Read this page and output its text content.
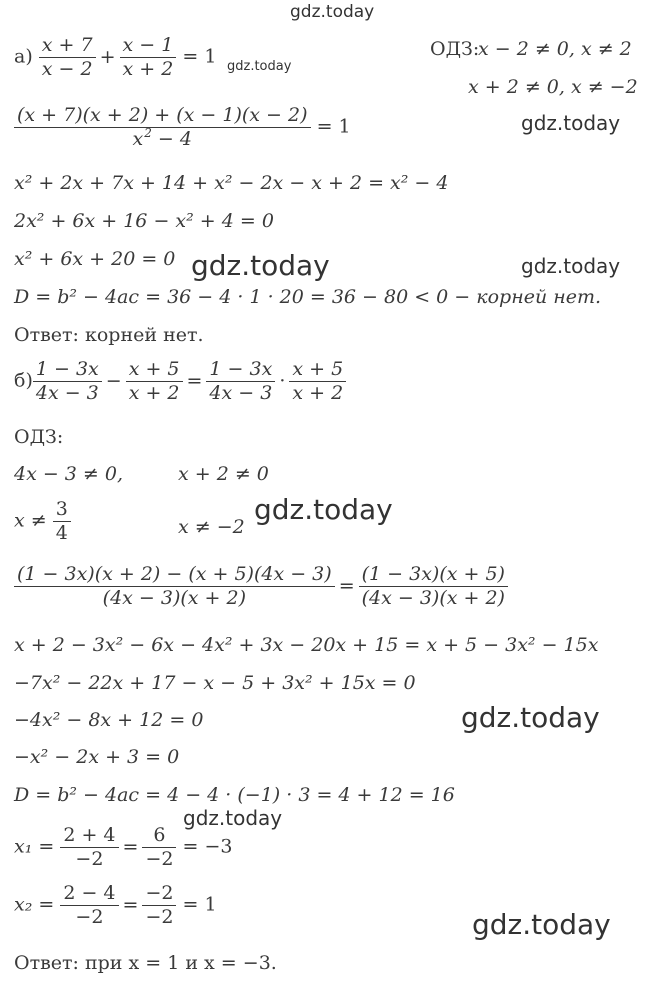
gdz.today
gdz.today
gdz.today
gdz.today	gdz.today
gdz.today
gdz.today
gdz.today
gdz.today
$а) \frac{x + 7}{x - 2} + \frac{x - 1}{x + 2} = 1$	ОДЗ:
x − 2 ≠ 0, x ≠ 2
x + 2 ≠ 0, x ≠ −2
$\frac{(x + 7)(x + 2) + (x - 1)(x - 2)}{x^2 - 4} = 1$
x² + 2x + 7x + 14 + x² − 2x − x + 2 = x² − 4
2x² + 6x + 16 − x² + 4 = 0
x² + 6x + 20 = 0
D = b² − 4ac = 36 − 4 · 1 · 20 = 36 − 80 < 0 − корней нет.
Ответ: корней нет.
$б) \frac{1 - 3x}{4x - 3} - \frac{x + 5}{x + 2} = \frac{1 - 3x}{4x - 3} \cdot \frac{x + 5}{x + 2}$
ОДЗ:
4x − 3 ≠ 0,	x + 2 ≠ 0
$x \ne \frac{3}{4}$	x ≠ −2
$\frac{(1 - 3x)(x + 2) - (x + 5)(4x - 3)}{(4x - 3)(x + 2)} = \frac{(1 - 3x)(x + 5)}{(4x - 3)(x + 2)}$
x + 2 − 3x² − 6x − 4x² + 3x − 20x + 15 = x + 5 − 3x² − 15x
−7x² − 22x + 17 − x − 5 + 3x² + 15x = 0
−4x² − 8x + 12 = 0
−x² − 2x + 3 = 0
D = b² − 4ac = 4 − 4 · (−1) · 3 = 4 + 12 = 16
$x_1 = \frac{2 + 4}{-2} = \frac{6}{-2} = -3$
$x_2 = \frac{2 - 4}{-2} = \frac{-2}{-2} = 1$
Ответ: при x = 1 и x = −3.
